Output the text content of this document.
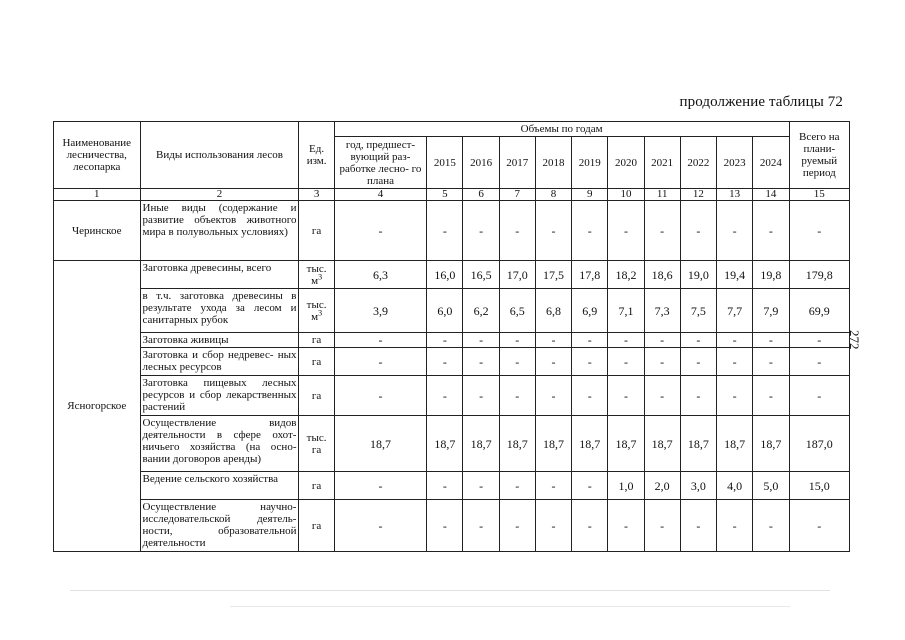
продолжение таблицы 72
272
Наименование лесничества, лесопарка	Виды использования лесов	Ед. изм.	Объемы по годам											Всего на плани- руемый период
			год, предшест- вующий раз- работке лесно- го плана	2015	2016	2017	2018	2019	2020	2021	2022	2023	2024	
1	2	3	4	5	6	7	8	9	10	11	12	13	14	15
Черинское	Иные виды (содержание и развитие объектов животного мира в полувольных условиях)	га	-	-	-	-	-	-	-	-	-	-	-	-
Ясногорское	Заготовка древесины, всего	тыс. $м^3$	6,3	16,0	16,5	17,0	17,5	17,8	18,2	18,6	19,0	19,4	19,8	179,8
	в т.ч. заготовка древесины в результате ухода за лесом и санитарных рубок	тыс. $м^3$	3,9	6,0	6,2	6,5	6,8	6,9	7,1	7,3	7,5	7,7	7,9	69,9
	Заготовка живицы	га	-	-	-	-	-	-	-	-	-	-	-	-
	Заготовка и сбор недревес- ных лесных ресурсов	га	-	-	-	-	-	-	-	-	-	-	-	-
	Заготовка пищевых лесных ресурсов и сбор лекарственных растений	га	-	-	-	-	-	-	-	-	-	-	-	-
	Осуществление видов деятельности в сфере охот- ничьего хозяйства (на осно- вании договоров аренды)	тыс. га	18,7	18,7	18,7	18,7	18,7	18,7	18,7	18,7	18,7	18,7	18,7	187,0
	Ведение сельского хозяйства	га	-	-	-	-	-	-	1,0	2,0	3,0	4,0	5,0	15,0
	Осуществление научно- исследовательской деятель- ности, образовательной деятельности	га	-	-	-	-	-	-	-	-	-	-	-	-
